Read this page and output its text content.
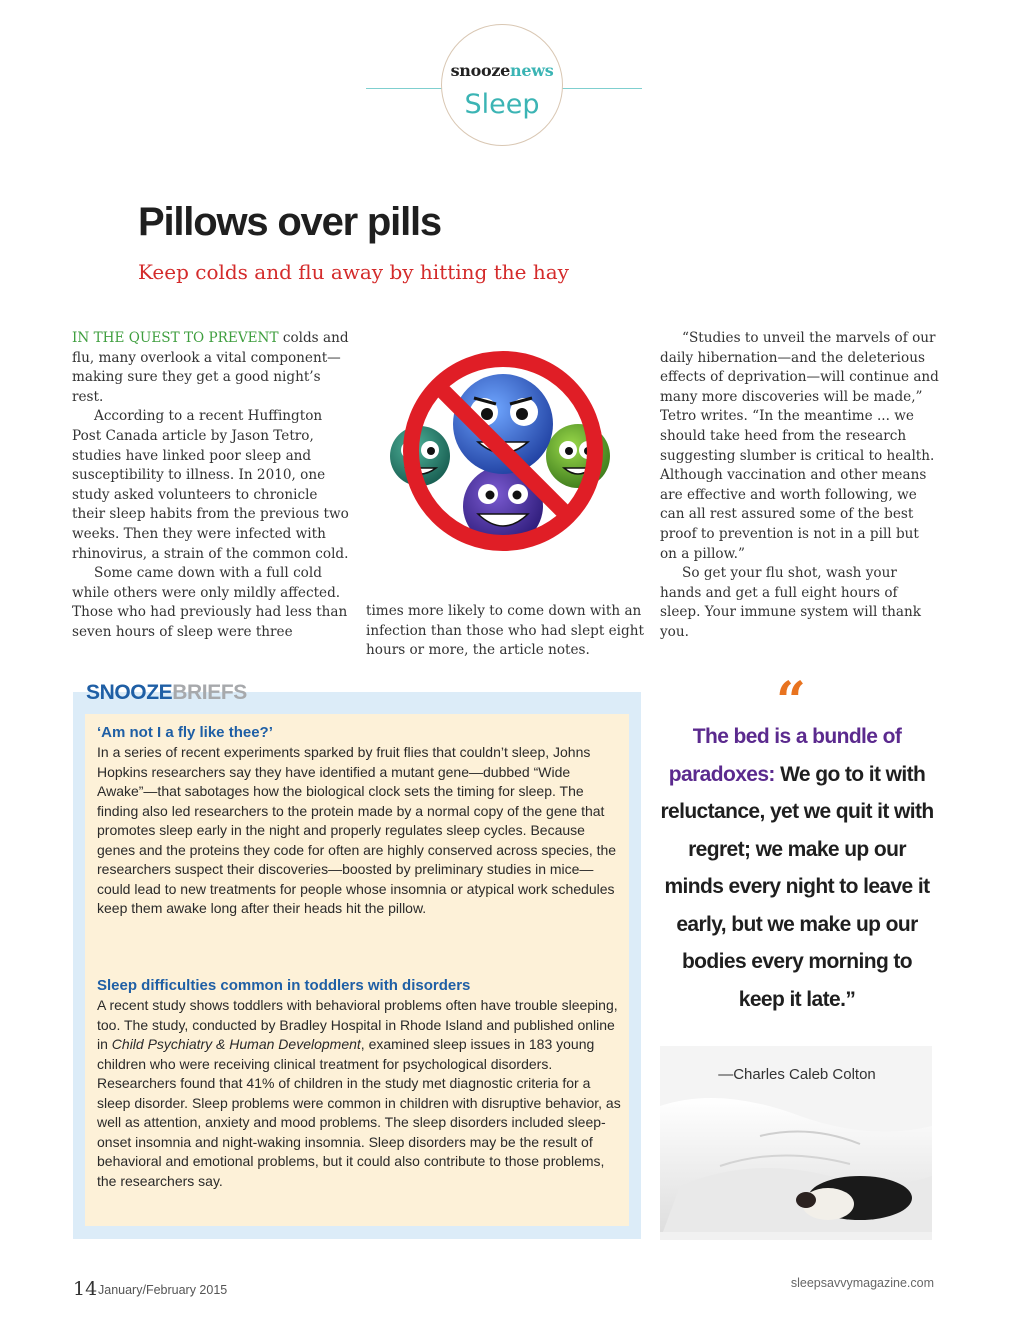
snoozenews
Sleep
Pillows over pills
Keep colds and flu away by hitting the hay

IN THE QUEST TO PREVENT colds and flu, many overlook a vital component—making sure they get a good night’s rest.

According to a recent Huffington Post Canada article by Jason Tetro, studies have linked poor sleep and susceptibility to illness. In 2010, one study asked volunteers to chronicle their sleep habits from the previous two weeks. Then they were infected with rhinovirus, a strain of the common cold.

Some came down with a full cold while others were only mildly affected. Those who had previously had less than seven hours of sleep were three

times more likely to come down with an infection than those who had slept eight hours or more, the article notes.

“Studies to unveil the marvels of our daily hibernation—and the deleterious effects of deprivation—will continue and many more discoveries will be made,” Tetro writes. “In the meantime ... we should take heed from the research suggesting slumber is critical to health. Although vaccination and other means are effective and worth following, we can all rest assured some of the best proof to prevention is not in a pill but on a pillow.”

So get your flu shot, wash your hands and get a full eight hours of sleep. Your immune system will thank you.

SNOOZEBRIEFS
‘Am not I a fly like thee?’

In a series of recent experiments sparked by fruit flies that couldn’t sleep, Johns Hopkins researchers say they have identified a mutant gene—dubbed “Wide Awake”—that sabotages how the biological clock sets the timing for sleep. The finding also led researchers to the protein made by a normal copy of the gene that promotes sleep early in the night and properly regulates sleep cycles. Because genes and the proteins they code for often are highly conserved across species, the researchers suspect their discoveries—boosted by preliminary studies in mice—could lead to new treatments for people whose insomnia or atypical work schedules keep them awake long after their heads hit the pillow.

Sleep difficulties common in toddlers with disorders

A recent study shows toddlers with behavioral problems often have trouble sleeping, too. The study, conducted by Bradley Hospital in Rhode Island and published online in Child Psychiatry & Human Development, examined sleep issues in 183 young children who were receiving clinical treatment for psychological disorders. Researchers found that 41% of children in the study met diagnostic criteria for a sleep disorder. Sleep problems were common in children with disruptive behavior, as well as attention, anxiety and mood problems. The sleep disorders included sleep-onset insomnia and night-waking insomnia. Sleep disorders may be the result of behavioral and emotional problems, but it could also contribute to those problems, the researchers say.

“
The bed is a bundle of paradoxes: We go to it with reluctance, yet we quit it with regret; we make up our minds every night to leave it early, but we make up our bodies every morning to keep it late.”
—Charles Caleb Colton
14 January/February 2015	sleepsavvymagazine.com
